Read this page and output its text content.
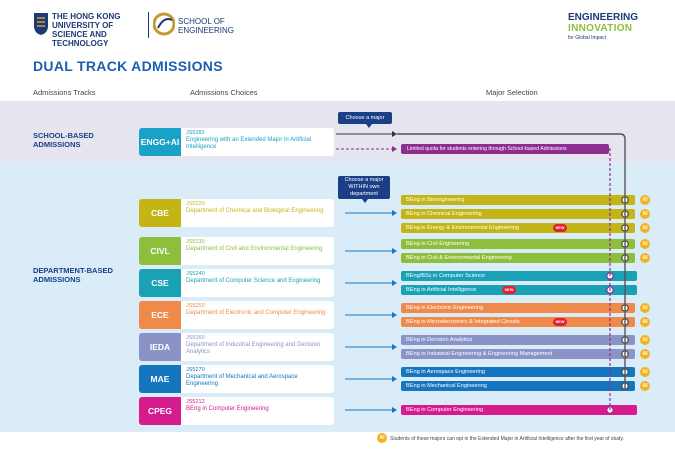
THE HONG KONG UNIVERSITY OF SCIENCE AND TECHNOLOGY
SCHOOL OF ENGINEERING
ENGINEERING
INNOVATION
for Global Impact
DUAL TRACK ADMISSIONS
Admissions Tracks	Admissions Choices	Major Selection
SCHOOL-BASED ADMISSIONS	ENGG+AI
JS5282
Engineering with an Extended Major in Artificial Intelligence
Choose a major
Limited quota for students entering through School-based Admissions
DEPARTMENT-BASED ADMISSIONS
Choose a major WITHIN own department
CBE
JS5220
Department of Chemical and Biological Engineering
BEng in Bioengineering	AI
BEng in Chemical Engineering	AI
BEng in Energy & Environmental Engineering	NEW	AI
CIVL
JS5230
Department of Civil and Environmental Engineering
BEng in Civil Engineering	AI
BEng in Civil & Environmental Engineering	AI
CSE
JS5240
Department of Computer Science and Engineering
BEng/BSc in Computer Science
BEng in Artificial Intelligence	NEW
ECE
JS5250
Department of Electronic and Computer Engineering
BEng in Electronic Engineering	AI
BEng in Microelectronics & Integrated Circuits	NEW	AI
IEDA
JS5260
Department of Industrial Engineering and Decision Analytics
BEng in Decision Analytics	AI
BEng in Industrial Engineering & Engineering Management	AI
MAE
JS5270
Department of Mechanical and Aerospace Engineering
BEng in Aerospace Engineering	AI
BEng in Mechanical Engineering	AI
CPEG
JS5212
BEng in Computer Engineering	BEng in Computer Engineering
AI	Students of these majors can opt in the Extended Major in Artificial Intelligence after the first year of study.
